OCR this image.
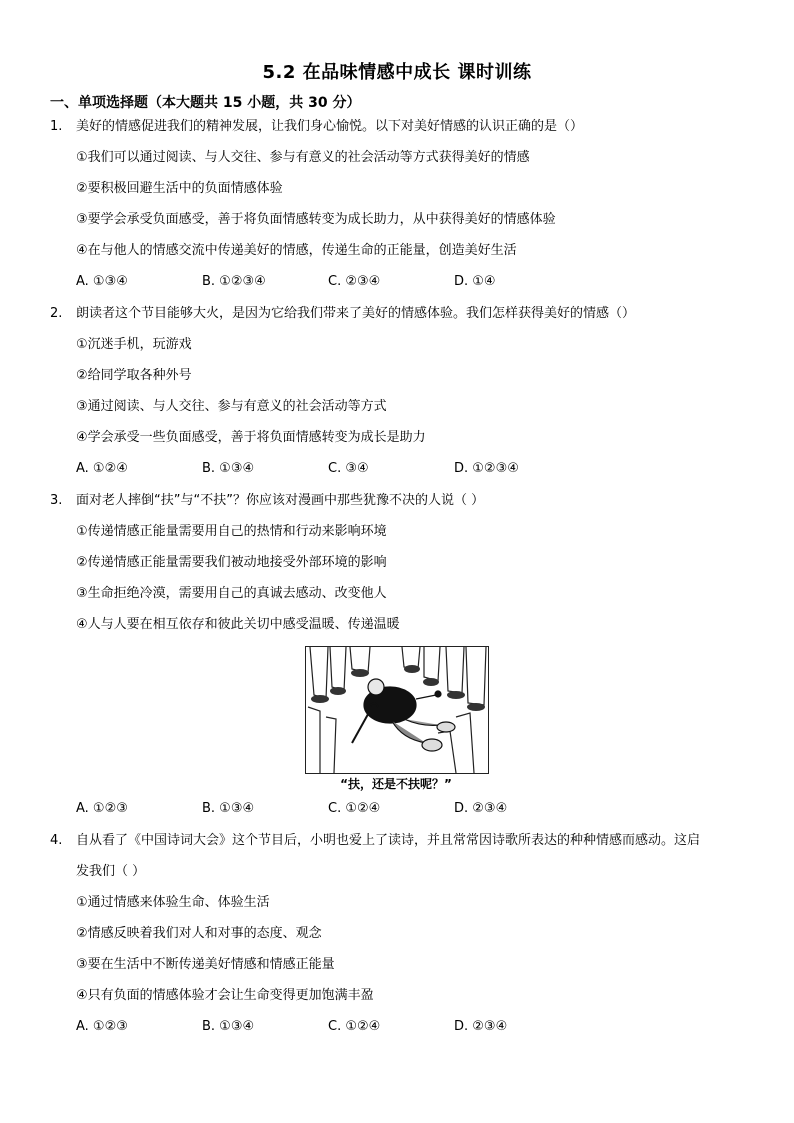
5.2 在品味情感中成长 课时训练
一、单项选择题（本大题共 15 小题，共 30 分）
1.	美好的情感促进我们的精神发展，让我们身心愉悦。以下对美好情感的认识正确的是（）
①我们可以通过阅读、与人交往、参与有意义的社会活动等方式获得美好的情感
②要积极回避生活中的负面情感体验
③要学会承受负面感受，善于将负面情感转变为成长助力，从中获得美好的情感体验
④在与他人的情感交流中传递美好的情感，传递生命的正能量，创造美好生活
A. ①③④	B. ①②③④	C. ②③④	D. ①④
2.	朗读者这个节目能够大火，是因为它给我们带来了美好的情感体验。我们怎样获得美好的情感（）
①沉迷手机，玩游戏
②给同学取各种外号
③通过阅读、与人交往、参与有意义的社会活动等方式
④学会承受一些负面感受，善于将负面情感转变为成长是助力
A. ①②④	B. ①③④	C. ③④	D. ①②③④
3.	面对老人摔倒“扶”与“不扶”？你应该对漫画中那些犹豫不决的人说（ ）
①传递情感正能量需要用自己的热情和行动来影响环境
②传递情感正能量需要我们被动地接受外部环境的影响
③生命拒绝冷漠，需要用自己的真诚去感动、改变他人
④人与人要在相互依存和彼此关切中感受温暖、传递温暖
“扶，还是不扶呢？”
A. ①②③	B. ①③④	C. ①②④	D. ②③④
4.	自从看了《中国诗词大会》这个节目后，小明也爱上了读诗，并且常常因诗歌所表达的种种情感而感动。这启
发我们（ ）
①通过情感来体验生命、体验生活
②情感反映着我们对人和对事的态度、观念
③要在生活中不断传递美好情感和情感正能量
④只有负面的情感体验才会让生命变得更加饱满丰盈
A. ①②③	B. ①③④	C. ①②④	D. ②③④
